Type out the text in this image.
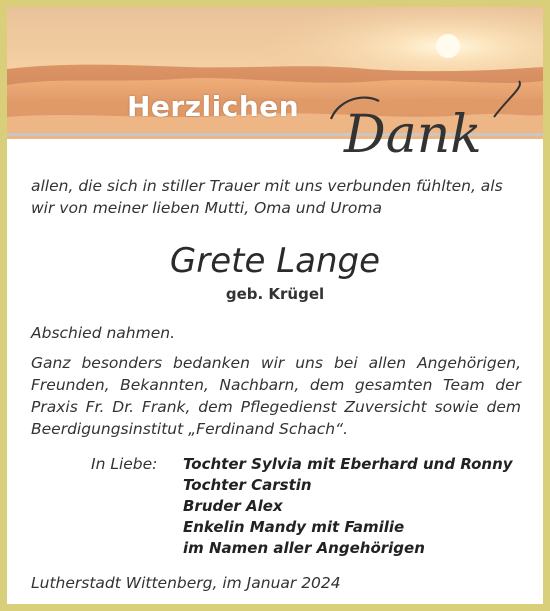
Herzlichen Dank
allen, die sich in stiller Trauer mit uns verbunden fühlten, als wir von meiner lieben Mutti, Oma und Uroma
Grete Lange
geb. Krügel
Abschied nahmen.
Ganz besonders bedanken wir uns bei allen Angehörigen, Freunden, Bekannten, Nachbarn, dem gesamten Team der Praxis Fr. Dr. Frank, dem Pflegedienst Zuversicht sowie dem Beerdigungsinstitut „Ferdinand Schach“.
In Liebe: Tochter Sylvia mit Eberhard und Ronny
Tochter Carstin
Bruder Alex
Enkelin Mandy mit Familie
im Namen aller Angehörigen
Lutherstadt Wittenberg, im Januar 2024
